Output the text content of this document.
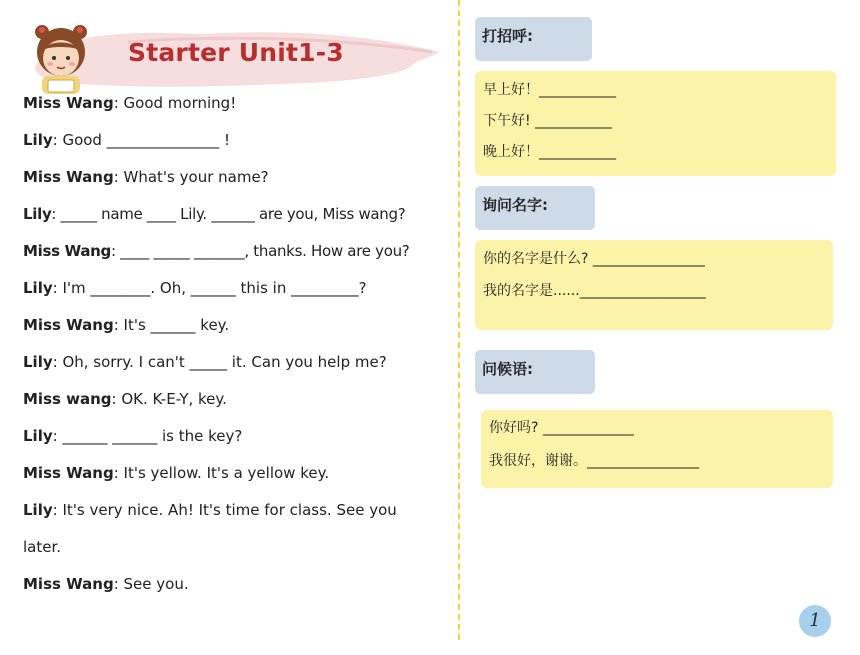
Starter Unit1-3
Miss Wang: Good morning!
Lily: Good _______________ !
Miss Wang: What's your name?
Lily: _____ name ____ Lily. ______ are you, Miss wang?
Miss Wang: ____ _____ _______, thanks. How are you?
Lily: I'm ________. Oh, ______ this in _________?
Miss Wang: It's ______ key.
Lily: Oh, sorry. I can't _____ it. Can you help me?
Miss wang: OK. K-E-Y, key.
Lily: ______ ______ is the key?
Miss Wang: It's yellow. It's a yellow key.
Lily: It's very nice. Ah! It's time for class. See you
later.
Miss Wang: See you.
打招呼:
早上好！___________
下午好! ___________
晚上好！___________
询问名字:
你的名字是什么? ________________
我的名字是......__________________
问候语:
你好吗? _____________
我很好，谢谢。________________
1
